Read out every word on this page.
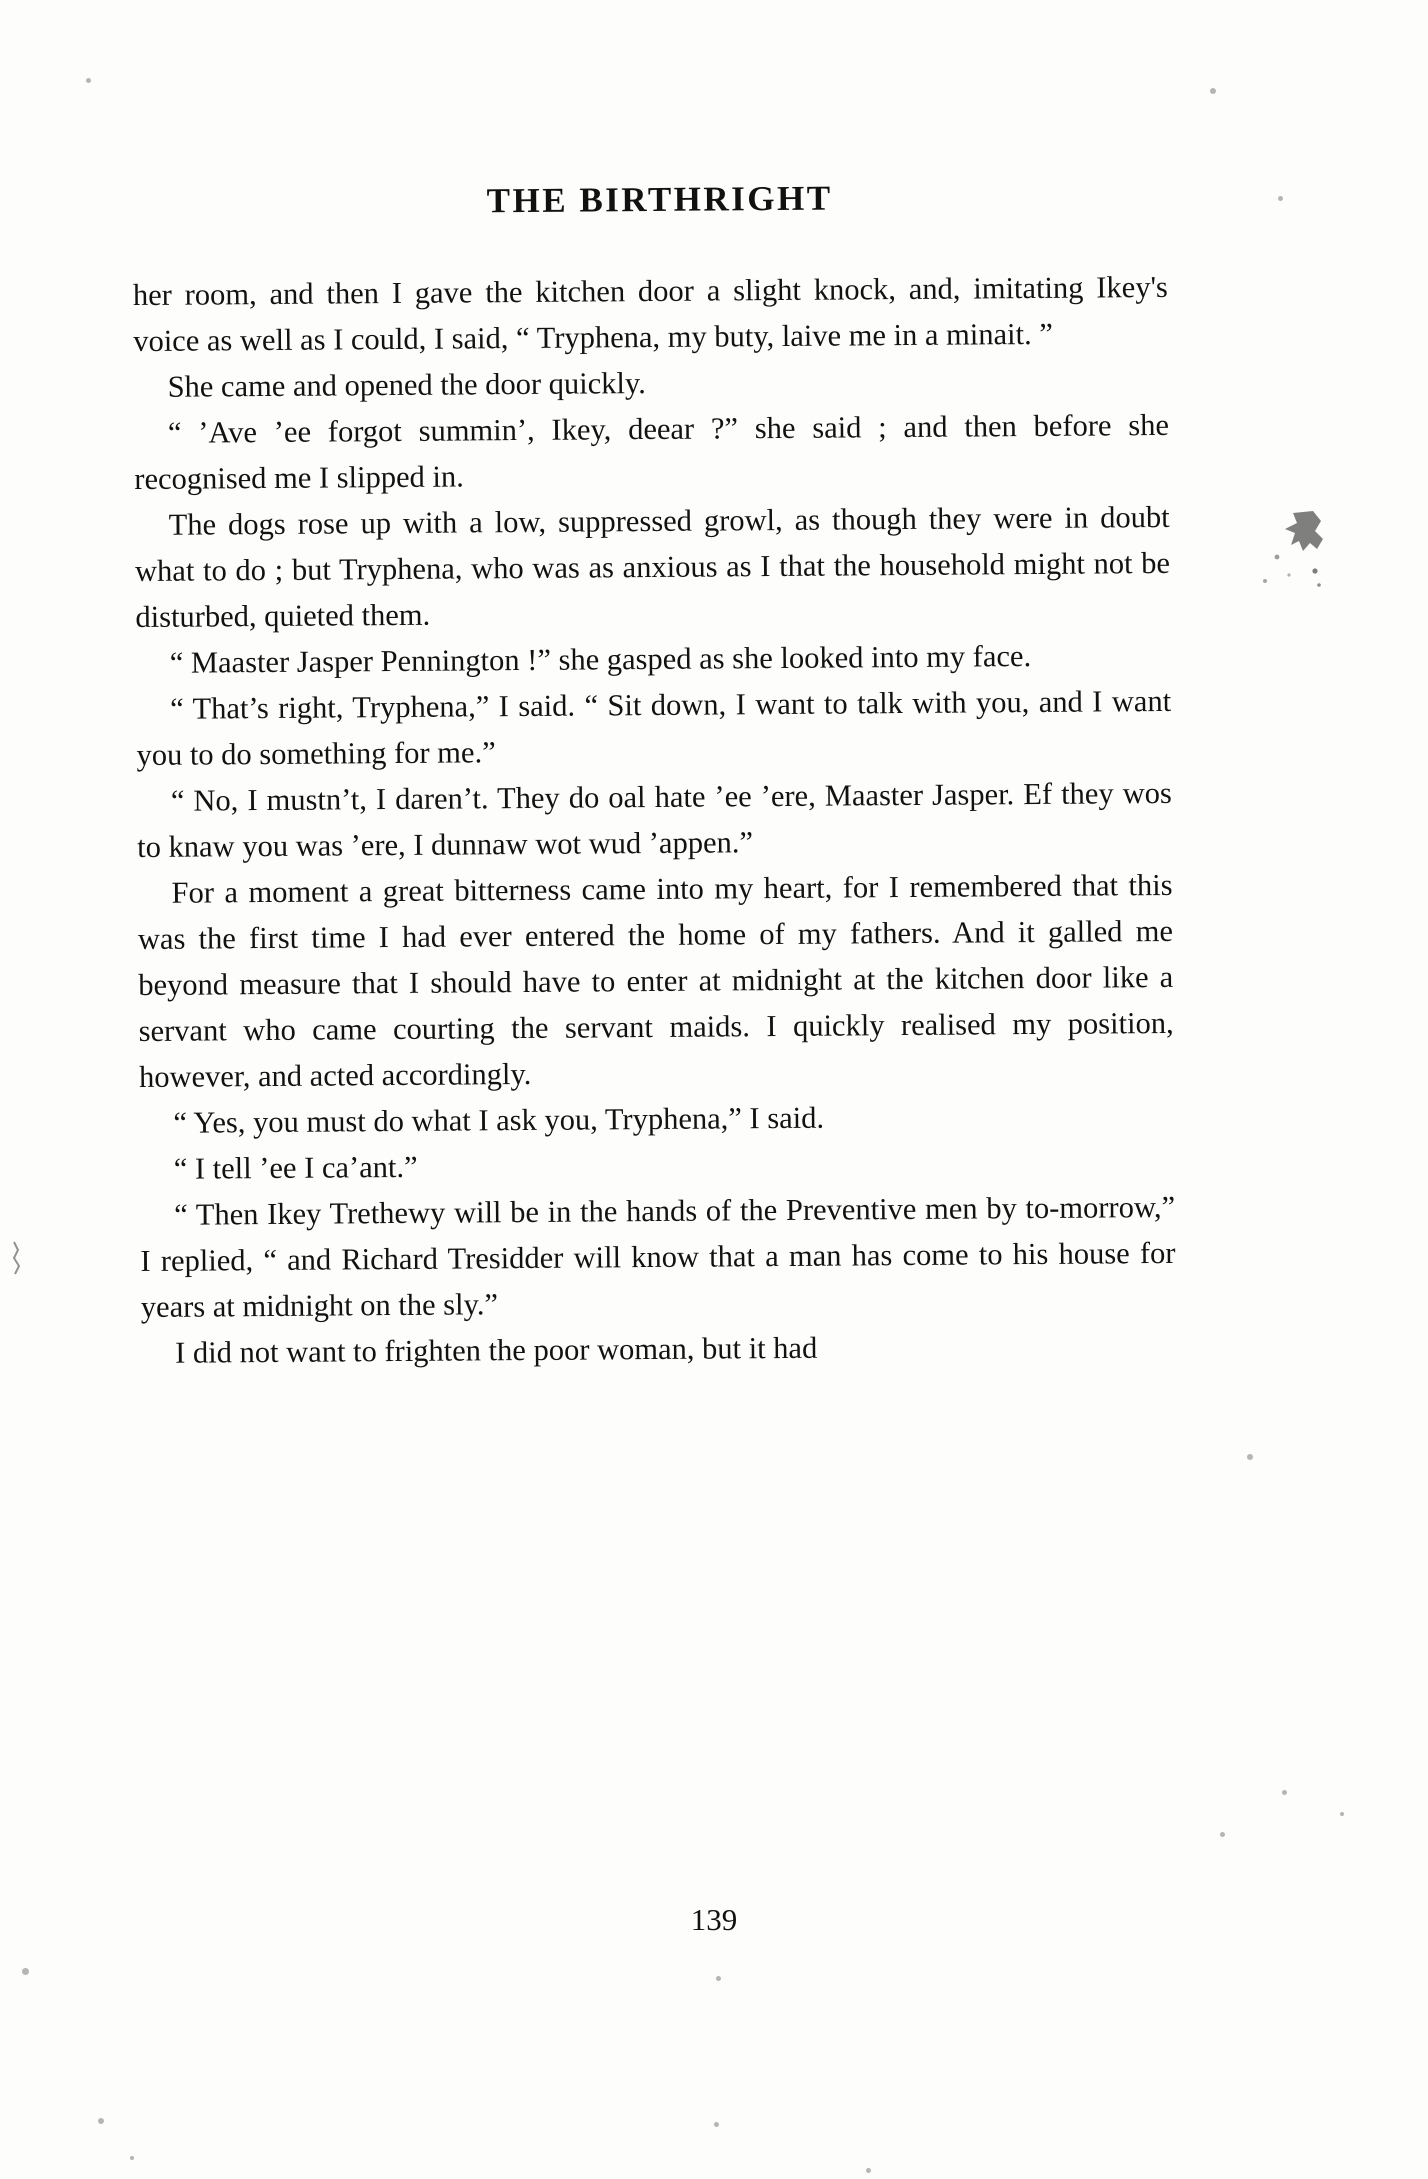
THE BIRTHRIGHT

her room, and then I gave the kitchen door a slight knock, and, imitating Ikey's voice as well as I could, I said, “ Tryphena, my buty, laive me in a minait. ”

She came and opened the door quickly.

“ ’Ave ’ee forgot summin’, Ikey, deear ?” she said ; and then before she recognised me I slipped in.

The dogs rose up with a low, suppressed growl, as though they were in doubt what to do ; but Tryphena, who was as anxious as I that the household might not be disturbed, quieted them.

“ Maaster Jasper Pennington !” she gasped as she looked into my face.

“ That’s right, Tryphena,” I said. “ Sit down, I want to talk with you, and I want you to do something for me.”

“ No, I mustn’t, I daren’t. They do oal hate ’ee ’ere, Maaster Jasper. Ef they wos to knaw you was ’ere, I dunnaw wot wud ’appen.”

For a moment a great bitterness came into my heart, for I remembered that this was the first time I had ever entered the home of my fathers. And it galled me beyond measure that I should have to enter at midnight at the kitchen door like a servant who came courting the servant maids. I quickly realised my position, however, and acted accordingly.

“ Yes, you must do what I ask you, Tryphena,” I said.

“ I tell ’ee I ca’ant.”

“ Then Ikey Trethewy will be in the hands of the Preventive men by to-morrow,” I replied, “ and Richard Tresidder will know that a man has come to his house for years at midnight on the sly.”

I did not want to frighten the poor woman, but it had

139
